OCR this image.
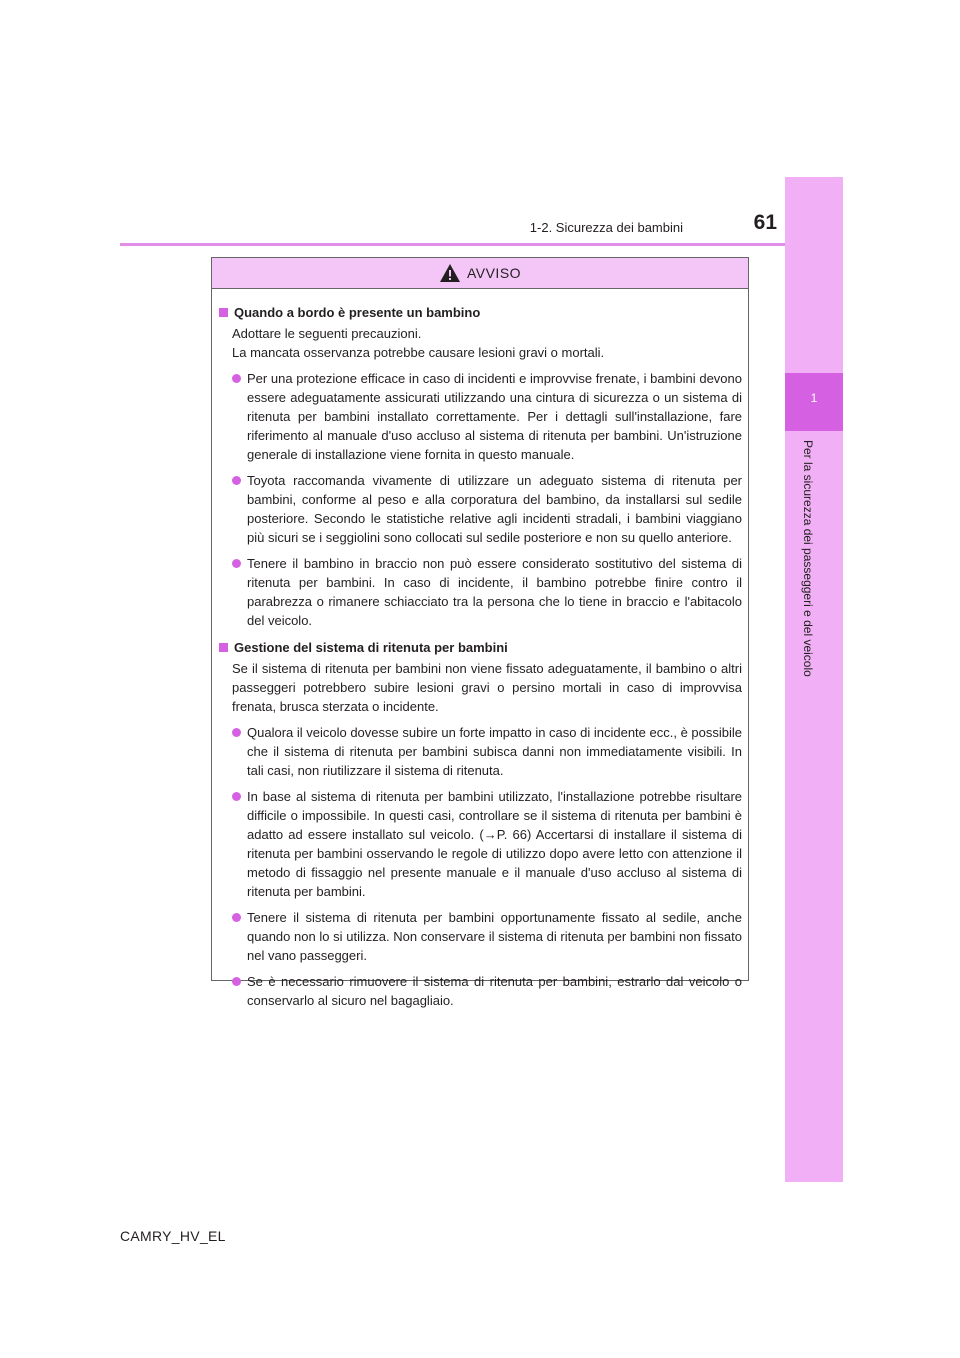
1-2. Sicurezza dei bambini	61
1
Per la sicurezza dei passeggeri e del veicolo
AVVISO
Quando a bordo è presente un bambino
Adottare le seguenti precauzioni.
La mancata osservanza potrebbe causare lesioni gravi o mortali.
Per una protezione efficace in caso di incidenti e improvvise frenate, i bambini devono essere adeguatamente assicurati utilizzando una cintura di sicurezza o un sistema di ritenuta per bambini installato correttamente. Per i dettagli sull'installazione, fare riferimento al manuale d'uso accluso al sistema di ritenuta per bambini. Un'istruzione generale di installazione viene fornita in questo manuale.
Toyota raccomanda vivamente di utilizzare un adeguato sistema di ritenuta per bambini, conforme al peso e alla corporatura del bambino, da installarsi sul sedile posteriore. Secondo le statistiche relative agli incidenti stradali, i bambini viaggiano più sicuri se i seggiolini sono collocati sul sedile posteriore e non su quello anteriore.
Tenere il bambino in braccio non può essere considerato sostitutivo del sistema di ritenuta per bambini. In caso di incidente, il bambino potrebbe finire contro il parabrezza o rimanere schiacciato tra la persona che lo tiene in braccio e l'abitacolo del veicolo.
Gestione del sistema di ritenuta per bambini
Se il sistema di ritenuta per bambini non viene fissato adeguatamente, il bambino o altri passeggeri potrebbero subire lesioni gravi o persino mortali in caso di improvvisa frenata, brusca sterzata o incidente.
Qualora il veicolo dovesse subire un forte impatto in caso di incidente ecc., è possibile che il sistema di ritenuta per bambini subisca danni non immediatamente visibili. In tali casi, non riutilizzare il sistema di ritenuta.
In base al sistema di ritenuta per bambini utilizzato, l'installazione potrebbe risultare difficile o impossibile. In questi casi, controllare se il sistema di ritenuta per bambini è adatto ad essere installato sul veicolo. (→P. 66) Accertarsi di installare il sistema di ritenuta per bambini osservando le regole di utilizzo dopo avere letto con attenzione il metodo di fissaggio nel presente manuale e il manuale d'uso accluso al sistema di ritenuta per bambini.
Tenere il sistema di ritenuta per bambini opportunamente fissato al sedile, anche quando non lo si utilizza. Non conservare il sistema di ritenuta per bambini non fissato nel vano passeggeri.
Se è necessario rimuovere il sistema di ritenuta per bambini, estrarlo dal veicolo o conservarlo al sicuro nel bagagliaio.
CAMRY_HV_EL
